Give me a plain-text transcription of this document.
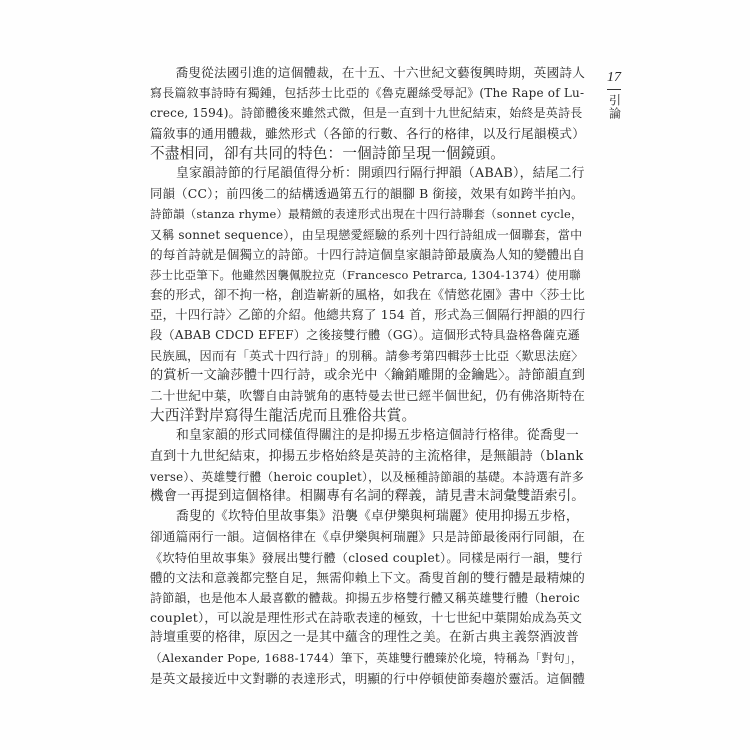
17
引論
　　喬叟從法國引進的這個體裁，在十五、十六世紀文藝復興時期，英國詩人
寫長篇敘事詩時有獨鍾，包括莎士比亞的《魯克麗絲受辱記》(The Rape of Lu-
crece, 1594)。詩節體後來雖然式微，但是一直到十九世紀結束，始終是英詩長
篇敘事的通用體裁，雖然形式（各節的行數、各行的格律，以及行尾韻模式）
不盡相同，卻有共同的特色：一個詩節呈現一個鏡頭。
　　皇家韻詩節的行尾韻值得分析：開頭四行隔行押韻（ABAB），結尾二行
同韻（CC）；前四後二的結構透過第五行的韻腳 B 銜接，效果有如跨半拍內。
詩節韻（stanza rhyme）最精緻的表達形式出現在十四行詩聯套（sonnet cycle，
又稱 sonnet sequence），由呈現戀愛經驗的系列十四行詩組成一個聯套，當中
的每首詩就是個獨立的詩節。十四行詩這個皇家韻詩節最廣為人知的變體出自
莎士比亞筆下。他雖然因襲佩脫拉克（Francesco Petrarca, 1304-1374）使用聯
套的形式，卻不拘一格，創造嶄新的風格，如我在《情慾花園》書中〈莎士比
亞，十四行詩〉乙節的介紹。他總共寫了 154 首，形式為三個隔行押韻的四行
段（ABAB CDCD EFEF）之後接雙行體（GG）。這個形式特具盎格魯薩克遜
民族風，因而有「英式十四行詩」的別稱。請參考第四輯莎士比亞〈歎思法庭〉
的賞析一文論莎體十四行詩，或余光中〈鑰銷雕開的金鑰匙〉。詩節韻直到
二十世紀中葉，吹響自由詩號角的惠特曼去世已經半個世紀，仍有佛洛斯特在
大西洋對岸寫得生龍活虎而且雅俗共賞。
　　和皇家韻的形式同樣值得關注的是抑揚五步格這個詩行格律。從喬叟一
直到十九世紀結束，抑揚五步格始終是英詩的主流格律，是無韻詩（blank
verse）、英雄雙行體（heroic couplet），以及極種詩節韻的基礎。本詩選有許多
機會一再提到這個格律。相關專有名詞的釋義，請見書末詞彙雙語索引。
　　喬叟的《坎特伯里故事集》沿襲《卓伊樂與柯瑞麗》使用抑揚五步格，
卻通篇兩行一韻。這個格律在《卓伊樂與柯瑞麗》只是詩節最後兩行同韻，在
《坎特伯里故事集》發展出雙行體（closed couplet）。同樣是兩行一韻，雙行
體的文法和意義都完整自足，無需仰賴上下文。喬叟首創的雙行體是最精煉的
詩節韻，也是他本人最喜歡的體裁。抑揚五步格雙行體又稱英雄雙行體（heroic
couplet），可以說是理性形式在詩歌表達的極致，十七世紀中葉開始成為英文
詩壇重要的格律，原因之一是其中蘊含的理性之美。在新古典主義祭酒波普
（Alexander Pope, 1688-1744）筆下，英雄雙行體臻於化境，特稱為「對句」，
是英文最接近中文對聯的表達形式，明顯的行中停頓使節奏趨於靈活。這個體
